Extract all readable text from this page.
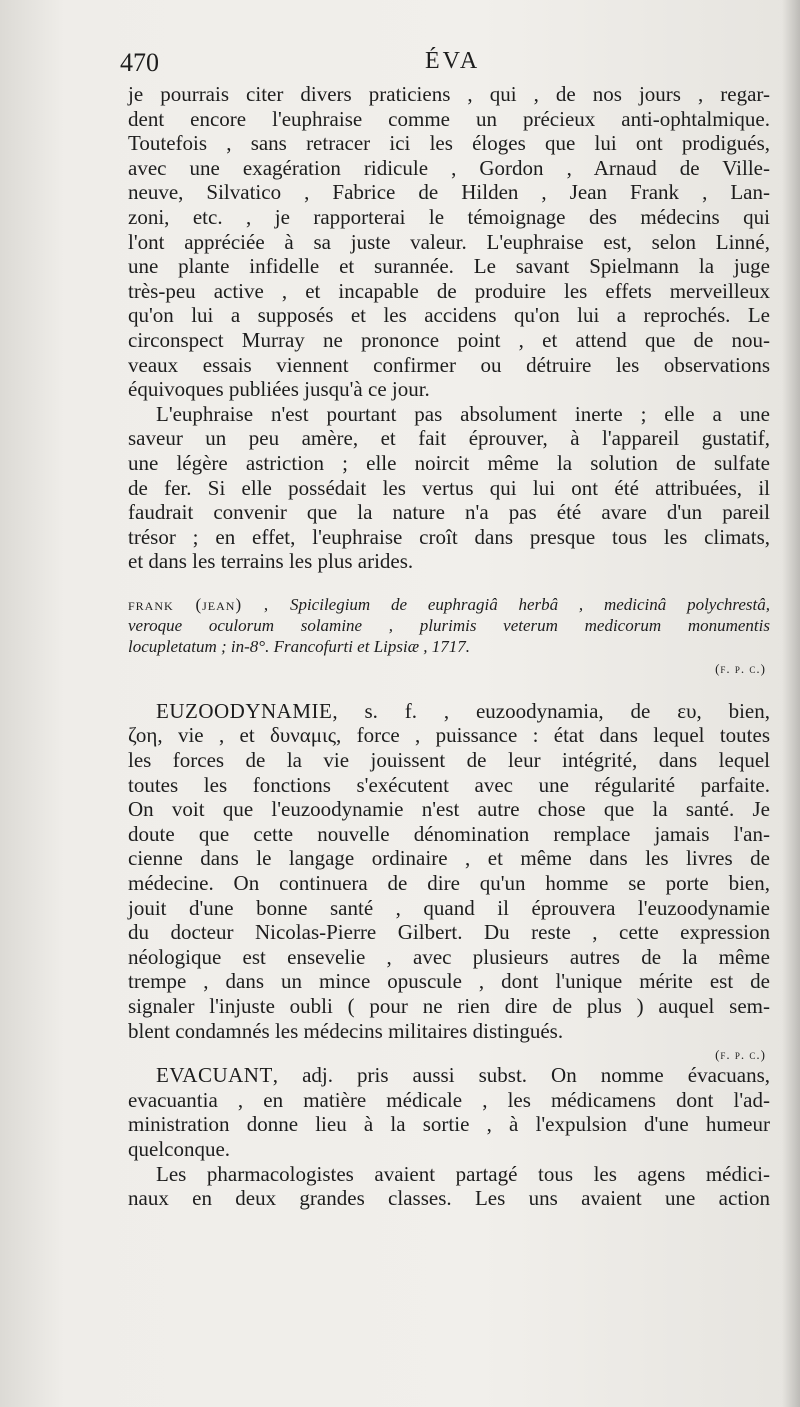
470	ÉVA
je pourrais citer divers praticiens , qui , de nos jours , regar-
dent encore l'euphraise comme un précieux anti-ophtalmique.
Toutefois , sans retracer ici les éloges que lui ont prodigués,
avec une exagération ridicule , Gordon , Arnaud de Ville-
neuve, Silvatico , Fabrice de Hilden , Jean Frank , Lan-
zoni, etc. , je rapporterai le témoignage des médecins qui
l'ont appréciée à sa juste valeur. L'euphraise est, selon Linné,
une plante infidelle et surannée. Le savant Spielmann la juge
très-peu active , et incapable de produire les effets merveilleux
qu'on lui a supposés et les accidens qu'on lui a reprochés. Le
circonspect Murray ne prononce point , et attend que de nou-
veaux essais viennent confirmer ou détruire les observations
équivoques publiées jusqu'à ce jour.
L'euphraise n'est pourtant pas absolument inerte ; elle a une
saveur un peu amère, et fait éprouver, à l'appareil gustatif,
une légère astriction ; elle noircit même la solution de sulfate
de fer. Si elle possédait les vertus qui lui ont été attribuées, il
faudrait convenir que la nature n'a pas été avare d'un pareil
trésor ; en effet, l'euphraise croît dans presque tous les climats,
et dans les terrains les plus arides.
frank (jean) , Spicilegium de euphragiâ herbâ , medicinâ polychrestâ,
veroque oculorum solamine , plurimis veterum medicorum monumentis
locupletatum ; in-8°. Francofurti et Lipsiæ , 1717.
(f. p. c.)
EUZOODYNAMIE, s. f. , euzoodynamia, de ευ, bien,
ζοη, vie , et δυναμις, force , puissance : état dans lequel toutes
les forces de la vie jouissent de leur intégrité, dans lequel
toutes les fonctions s'exécutent avec une régularité parfaite.
On voit que l'euzoodynamie n'est autre chose que la santé. Je
doute que cette nouvelle dénomination remplace jamais l'an-
cienne dans le langage ordinaire , et même dans les livres de
médecine. On continuera de dire qu'un homme se porte bien,
jouit d'une bonne santé , quand il éprouvera l'euzoodynamie
du docteur Nicolas-Pierre Gilbert. Du reste , cette expression
néologique est ensevelie , avec plusieurs autres de la même
trempe , dans un mince opuscule , dont l'unique mérite est de
signaler l'injuste oubli ( pour ne rien dire de plus ) auquel sem-
blent condamnés les médecins militaires distingués.
(f. p. c.)
EVACUANT, adj. pris aussi subst. On nomme évacuans,
evacuantia , en matière médicale , les médicamens dont l'ad-
ministration donne lieu à la sortie , à l'expulsion d'une humeur
quelconque.
Les pharmacologistes avaient partagé tous les agens médici-
naux en deux grandes classes. Les uns avaient une action
